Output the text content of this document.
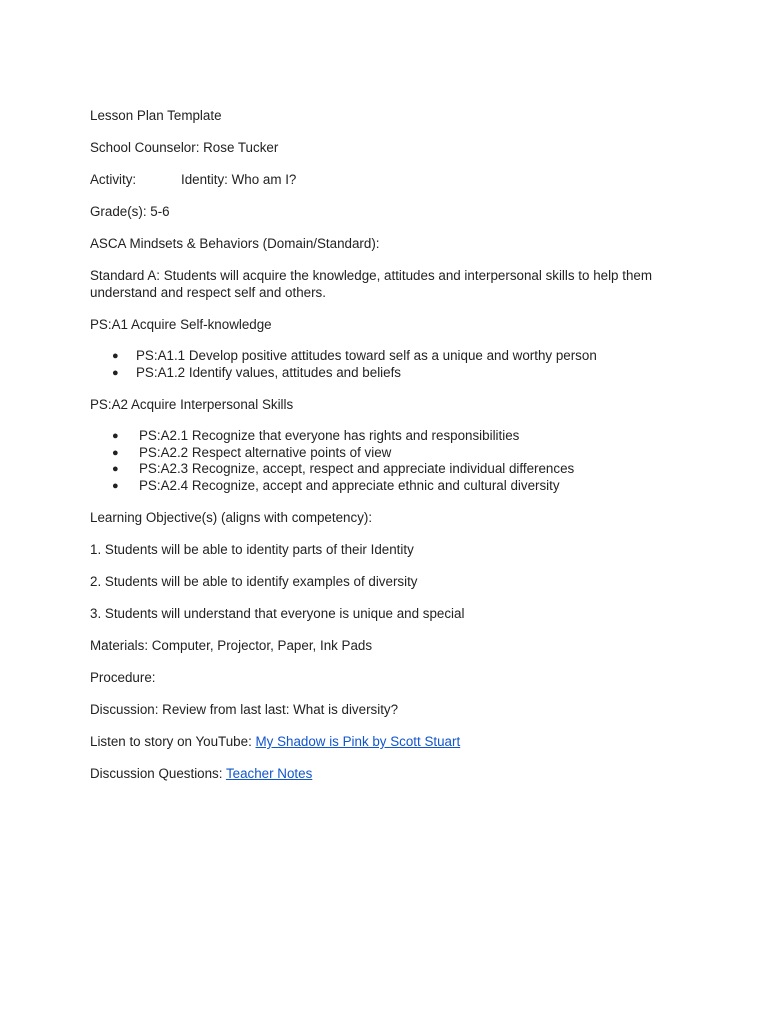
Lesson Plan Template
School Counselor: Rose Tucker
Activity:	Identity: Who am I?
Grade(s): 5-6
ASCA Mindsets & Behaviors (Domain/Standard):
Standard A: Students will acquire the knowledge, attitudes and interpersonal skills to help them understand and respect self and others.
PS:A1 Acquire Self-knowledge
● PS:A1.1 Develop positive attitudes toward self as a unique and worthy person
● PS:A1.2 Identify values, attitudes and beliefs
PS:A2 Acquire Interpersonal Skills
● PS:A2.1 Recognize that everyone has rights and responsibilities
● PS:A2.2 Respect alternative points of view
● PS:A2.3 Recognize, accept, respect and appreciate individual differences
● PS:A2.4 Recognize, accept and appreciate ethnic and cultural diversity
Learning Objective(s) (aligns with competency):
1. Students will be able to identity parts of their Identity
2. Students will be able to identify examples of diversity
3. Students will understand that everyone is unique and special
Materials: Computer, Projector, Paper, Ink Pads
Procedure:
Discussion: Review from last last: What is diversity?
Listen to story on YouTube: My Shadow is Pink by Scott Stuart
Discussion Questions: Teacher Notes
